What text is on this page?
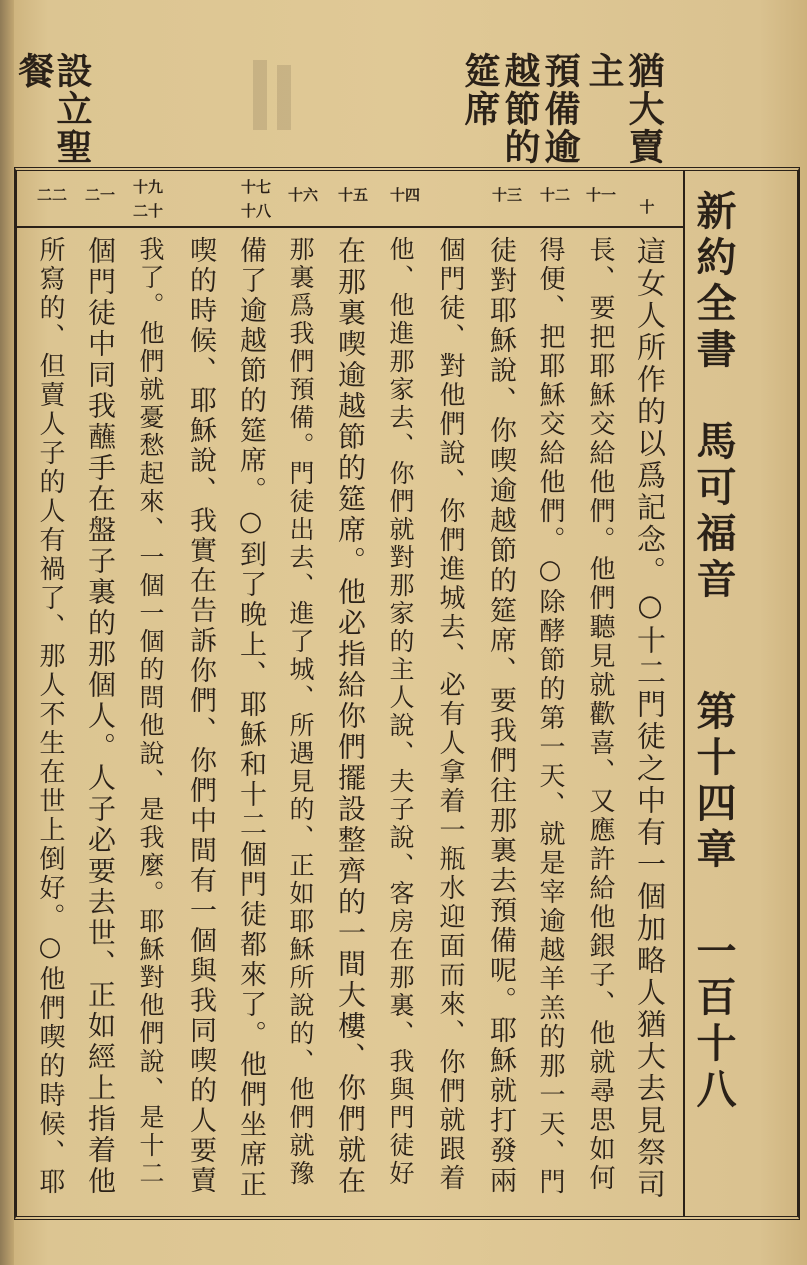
猶大賣
主
預備逾
越節的
筵席
設立聖
餐
新約全書
馬可福音
第十四章
一百十八
十
十一
十二
十三
十四
十五
十六
十七
十八
十九
二十
二一
二二
這女人所作的以爲記念。○十二門徒之中有一個加略人猶大去見祭司
長、要把耶穌交給他們。他們聽見就歡喜、又應許給他銀子、他就尋思如何
得便、把耶穌交給他們。○除酵節的第一天、就是宰逾越羊羔的那一天、門
徒對耶穌說、你喫逾越節的筵席、要我們往那裏去預備呢。耶穌就打發兩
個門徒、對他們說、你們進城去、必有人拿着一瓶水迎面而來、你們就跟着
他、他進那家去、你們就對那家的主人說、夫子說、客房在那裏、我與門徒好
在那裏喫逾越節的筵席。他必指給你們擺設整齊的一間大樓、你們就在
那裏爲我們預備。門徒出去、進了城、所遇見的、正如耶穌所說的、他們就豫
備了逾越節的筵席。○到了晚上、耶穌和十二個門徒都來了。他們坐席正
喫的時候、耶穌說、我實在告訴你們、你們中間有一個與我同喫的人要賣
我了。他們就憂愁起來、一個一個的問他說、是我麼。耶穌對他們說、是十二
個門徒中同我蘸手在盤子裏的那個人。人子必要去世、正如經上指着他
所寫的、但賣人子的人有禍了、那人不生在世上倒好。○他們喫的時候、耶
